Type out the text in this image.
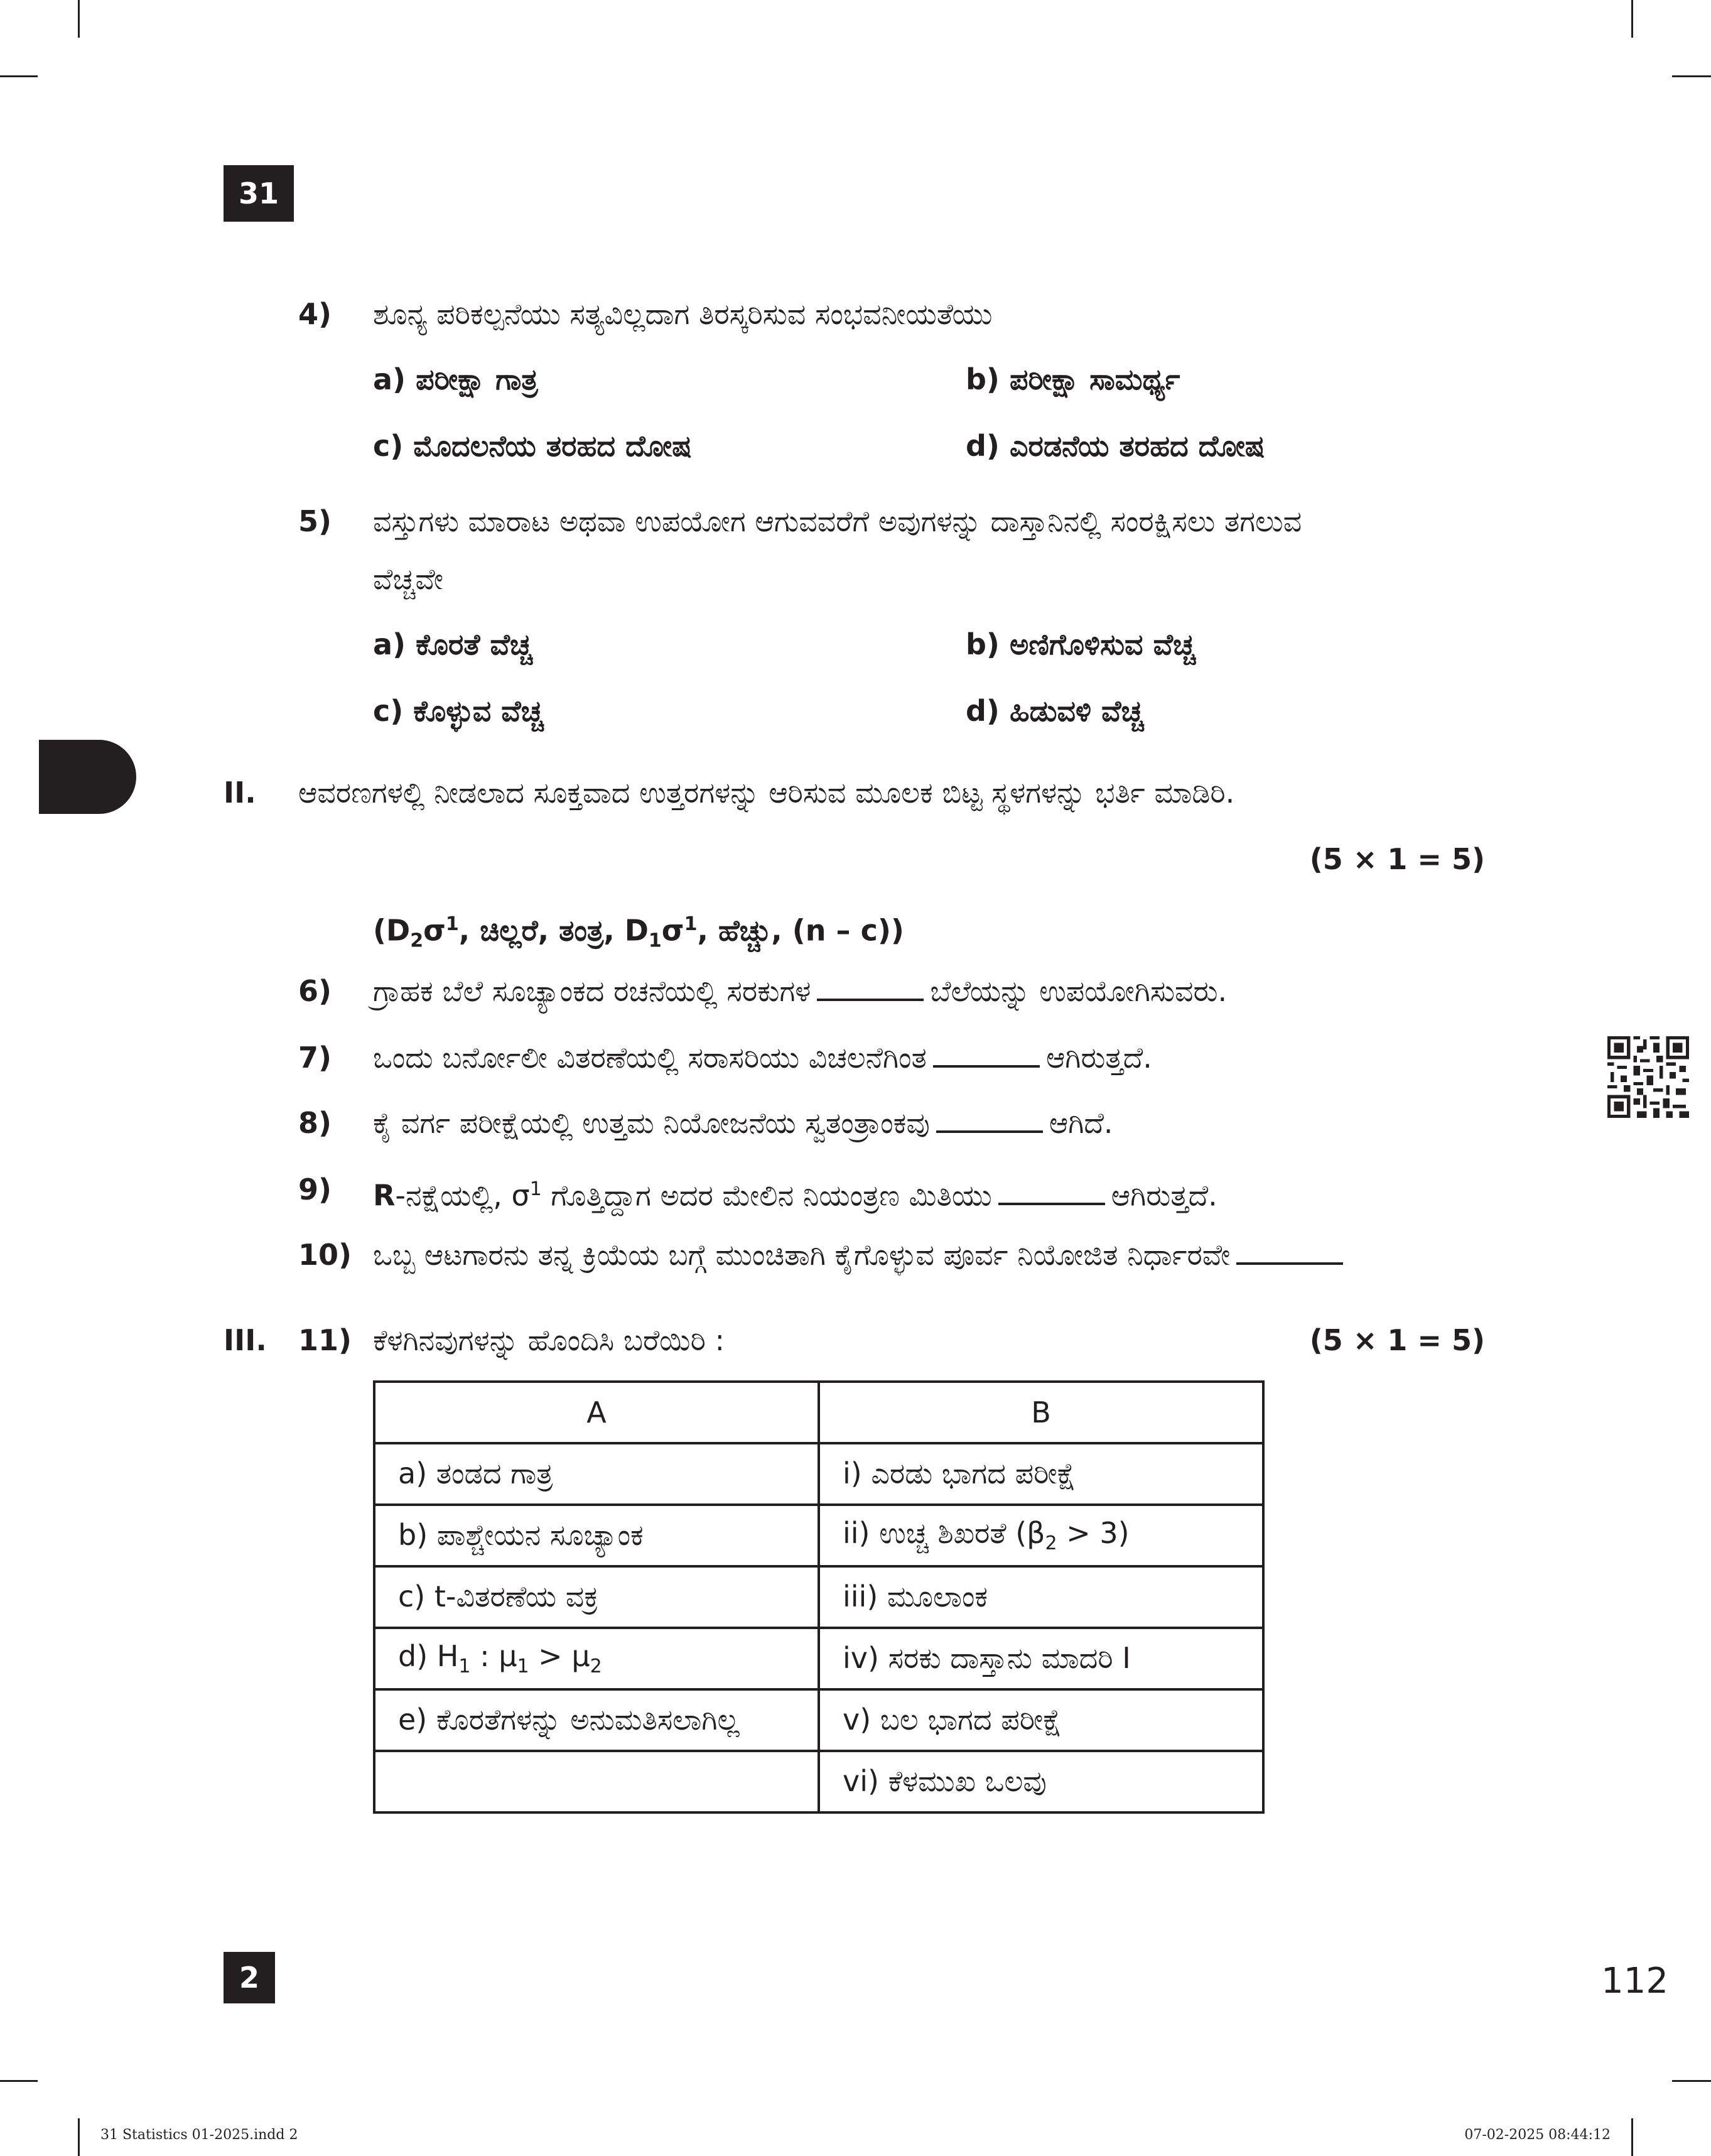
31
4) ಶೂನ್ಯ ಪರಿಕಲ್ಪನೆಯು ಸತ್ಯವಿಲ್ಲದಾಗ ತಿರಸ್ಕರಿಸುವ ಸಂಭವನೀಯತೆಯು
a) ಪರೀಕ್ಷಾ ಗಾತ್ರ	b) ಪರೀಕ್ಷಾ ಸಾಮರ್ಥ್ಯ
c) ಮೊದಲನೆಯ ತರಹದ ದೋಷ	d) ಎರಡನೆಯ ತರಹದ ದೋಷ
5) ವಸ್ತುಗಳು ಮಾರಾಟ ಅಥವಾ ಉಪಯೋಗ ಆಗುವವರೆಗೆ ಅವುಗಳನ್ನು ದಾಸ್ತಾನಿನಲ್ಲಿ ಸಂರಕ್ಷಿಸಲು ತಗಲುವ
ವೆಚ್ಚವೇ
a) ಕೊರತೆ ವೆಚ್ಚ	b) ಅಣಿಗೊಳಿಸುವ ವೆಚ್ಚ
c) ಕೊಳ್ಳುವ ವೆಚ್ಚ	d) ಹಿಡುವಳಿ ವೆಚ್ಚ
II. ಆವರಣಗಳಲ್ಲಿ ನೀಡಲಾದ ಸೂಕ್ತವಾದ ಉತ್ತರಗಳನ್ನು ಆರಿಸುವ ಮೂಲಕ ಬಿಟ್ಟ ಸ್ಥಳಗಳನ್ನು ಭರ್ತಿ ಮಾಡಿರಿ.
(5 × 1 = 5)
($D_2\sigma^1$, ಚಿಲ್ಲರೆ, ತಂತ್ರ, $D_1\sigma^1$, ಹೆಚ್ಚು, (n – c))
6) ಗ್ರಾಹಕ ಬೆಲೆ ಸೂಚ್ಯಾಂಕದ ರಚನೆಯಲ್ಲಿ ಸರಕುಗಳ	ಬೆಲೆಯನ್ನು ಉಪಯೋಗಿಸುವರು.
7) ಒಂದು ಬರ್ನೋಲೀ ವಿತರಣೆಯಲ್ಲಿ ಸರಾಸರಿಯು ವಿಚಲನೆಗಿಂತ	ಆಗಿರುತ್ತದೆ.
8) ಕೈ ವರ್ಗ ಪರೀಕ್ಷೆಯಲ್ಲಿ ಉತ್ತಮ ನಿಯೋಜನೆಯ ಸ್ವತಂತ್ರಾಂಕವು	ಆಗಿದೆ.
9) R-ನಕ್ಷೆಯಲ್ಲಿ, $\sigma^1$ ಗೊತ್ತಿದ್ದಾಗ ಅದರ ಮೇಲಿನ ನಿಯಂತ್ರಣ ಮಿತಿಯು	ಆಗಿರುತ್ತದೆ.
10) ಒಬ್ಬ ಆಟಗಾರನು ತನ್ನ ಕ್ರಿಯೆಯ ಬಗ್ಗೆ ಮುಂಚಿತಾಗಿ ಕೈಗೊಳ್ಳುವ ಪೂರ್ವ ನಿಯೋಜಿತ ನಿರ್ಧಾರವೇ
III. 11) ಕೆಳಗಿನವುಗಳನ್ನು ಹೊಂದಿಸಿ ಬರೆಯಿರಿ :	(5 × 1 = 5)
A	B
a) ತಂಡದ ಗಾತ್ರ	i) ಎರಡು ಭಾಗದ ಪರೀಕ್ಷೆ
b) ಪಾಶ್ಚೇಯನ ಸೂಚ್ಯಾಂಕ	ii) ಉಚ್ಚ ಶಿಖರತೆ $(\beta_2 > 3)$
c) t-ವಿತರಣೆಯ ವಕ್ರ	iii) ಮೂಲಾಂಕ
d) $H_1$ : $\mu_1 > \mu_2$	iv) ಸರಕು ದಾಸ್ತಾನು ಮಾದರಿ I
e) ಕೊರತೆಗಳನ್ನು ಅನುಮತಿಸಲಾಗಿಲ್ಲ	v) ಬಲ ಭಾಗದ ಪರೀಕ್ಷೆ
	vi) ಕೆಳಮುಖ ಒಲವು
2	112
31 Statistics 01-2025.indd 2	07-02-2025 08:44:12
